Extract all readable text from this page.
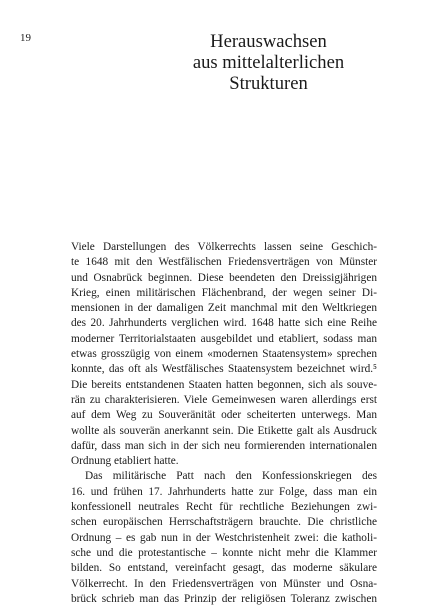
19	Herauswachsen
aus mittelalterlichen
Strukturen

Viele Darstellungen des Völkerrechts lassen seine Geschich-
te 1648 mit den Westfälischen Friedensverträgen von Münster
und Osnabrück beginnen. Diese beendeten den Dreissigjährigen
Krieg, einen militärischen Flächenbrand, der wegen seiner Di-
mensionen in der damaligen Zeit manchmal mit den Weltkriegen
des 20. Jahrhunderts verglichen wird. 1648 hatte sich eine Reihe
moderner Territorialstaaten ausgebildet und etabliert, sodass man
etwas grosszügig von einem «modernen Staatensystem» sprechen
konnte, das oft als Westfälisches Staatensystem bezeichnet wird.⁵
Die bereits entstandenen Staaten hatten begonnen, sich als souve-
rän zu charakterisieren. Viele Gemeinwesen waren allerdings erst
auf dem Weg zu Souveränität oder scheiterten unterwegs. Man
wollte als souverän anerkannt sein. Die Etikette galt als Ausdruck
dafür, dass man sich in der sich neu formierenden internationalen
Ordnung etabliert hatte.

Das militärische Patt nach den Konfessionskriegen des
16. und frühen 17. Jahrhunderts hatte zur Folge, dass man ein
konfessionell neutrales Recht für rechtliche Beziehungen zwi-
schen europäischen Herrschaftsträgern brauchte. Die christliche
Ordnung – es gab nun in der Westchristenheit zwei: die katholi-
sche und die protestantische – konnte nicht mehr die Klammer
bilden. So entstand, vereinfacht gesagt, das moderne säkulare
Völkerrecht. In den Friedensverträgen von Münster und Osna-
brück schrieb man das Prinzip der religiösen Toleranz zwischen
